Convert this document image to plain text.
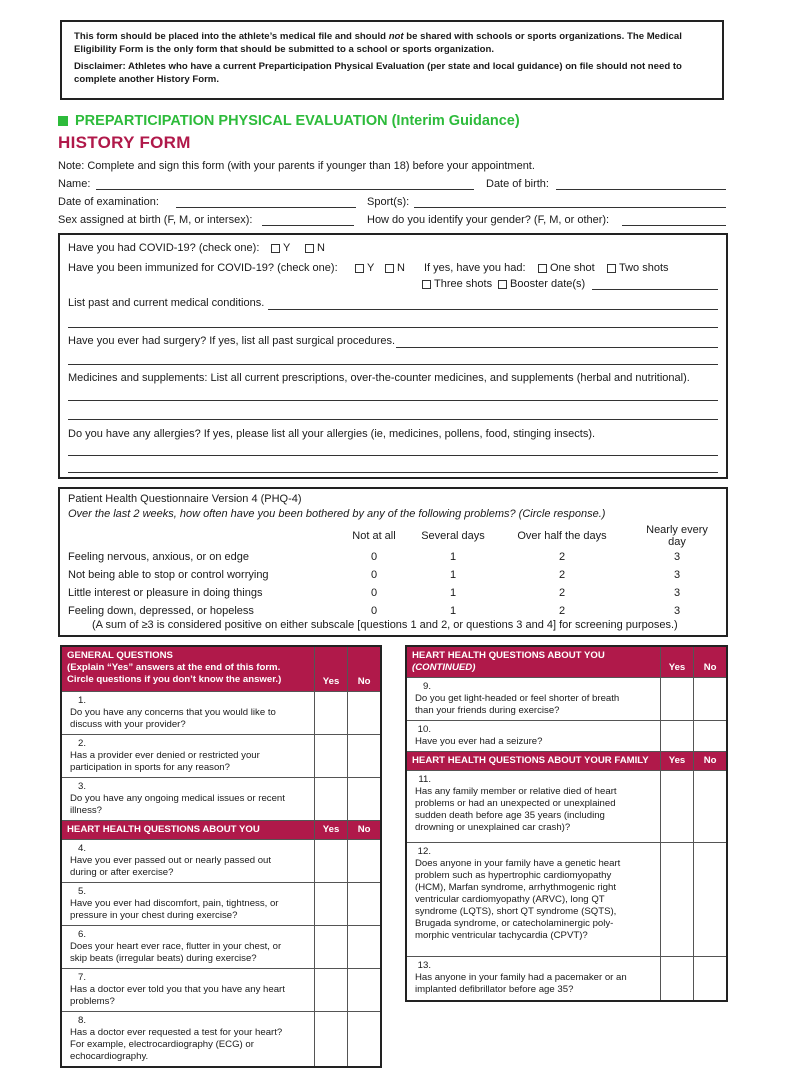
This form should be placed into the athlete’s medical file and should not be shared with schools or sports organizations. The Medical Eligibility Form is the only form that should be submitted to a school or sports organization.

Disclaimer: Athletes who have a current Preparticipation Physical Evaluation (per state and local guidance) on file should not need to complete another History Form.

PREPARTICIPATION PHYSICAL EVALUATION (Interim Guidance)
HISTORY FORM
Note: Complete and sign this form (with your parents if younger than 18) before your appointment.
Name:	Date of birth:
Date of examination:	Sport(s):
Sex assigned at birth (F, M, or intersex):	How do you identify your gender? (F, M, or other):
Have you had COVID-19? (check one):	Y	N
Have you been immunized for COVID-19? (check one):	Y	N If yes, have you had:	One shot	Two shots
Three shots	Booster date(s)
List past and current medical conditions.
Have you ever had surgery? If yes, list all past surgical procedures.
Medicines and supplements: List all current prescriptions, over-the-counter medicines, and supplements (herbal and nutritional).
Do you have any allergies? If yes, please list all your allergies (ie, medicines, pollens, food, stinging insects).
Patient Health Questionnaire Version 4 (PHQ-4)
Over the last 2 weeks, how often have you been bothered by any of the following problems? (Circle response.)
	Not at all	Several days	Over half the days	Nearly every day
Feeling nervous, anxious, or on edge	0	1	2	3
Not being able to stop or control worrying	0	1	2	3
Little interest or pleasure in doing things	0	1	2	3
Feeling down, depressed, or hopeless	0	1	2	3
(A sum of ≥3 is considered positive on either subscale [questions 1 and 2, or questions 3 and 4] for screening purposes.)
GENERAL QUESTIONS
(Explain “Yes” answers at the end of this form.
Circle questions if you don’t know the answer.)	Yes	No
1.Do you have any concerns that you would like to discuss with your provider?		
2.Has a provider ever denied or restricted your participation in sports for any reason?		
3.Do you have any ongoing medical issues or recent illness?		
HEART HEALTH QUESTIONS ABOUT YOU	Yes	No
4.Have you ever passed out or nearly passed out during or after exercise?		
5.Have you ever had discomfort, pain, tightness, or pressure in your chest during exercise?		
6.Does your heart ever race, flutter in your chest, or skip beats (irregular beats) during exercise?		
7.Has a doctor ever told you that you have any heart problems?		
8.Has a doctor ever requested a test for your heart? For example, electrocardiography (ECG) or echocardiography.		
HEART HEALTH QUESTIONS ABOUT YOU
(CONTINUED)	Yes	No
9.Do you get light-headed or feel shorter of breath than your friends during exercise?		
10.Have you ever had a seizure?		
HEART HEALTH QUESTIONS ABOUT YOUR FAMILY	Yes	No
11.Has any family member or relative died of heart problems or had an unexpected or unexplained sudden death before age 35 years (including drowning or unexplained car crash)?		
12.Does anyone in your family have a genetic heart problem such as hypertrophic cardiomyopathy (HCM), Marfan syndrome, arrhythmogenic right ventricular cardiomyopathy (ARVC), long QT syndrome (LQTS), short QT syndrome (SQTS), Brugada syndrome, or catecholaminergic poly-morphic ventricular tachycardia (CPVT)?		
13.Has anyone in your family had a pacemaker or an implanted defibrillator before age 35?		
